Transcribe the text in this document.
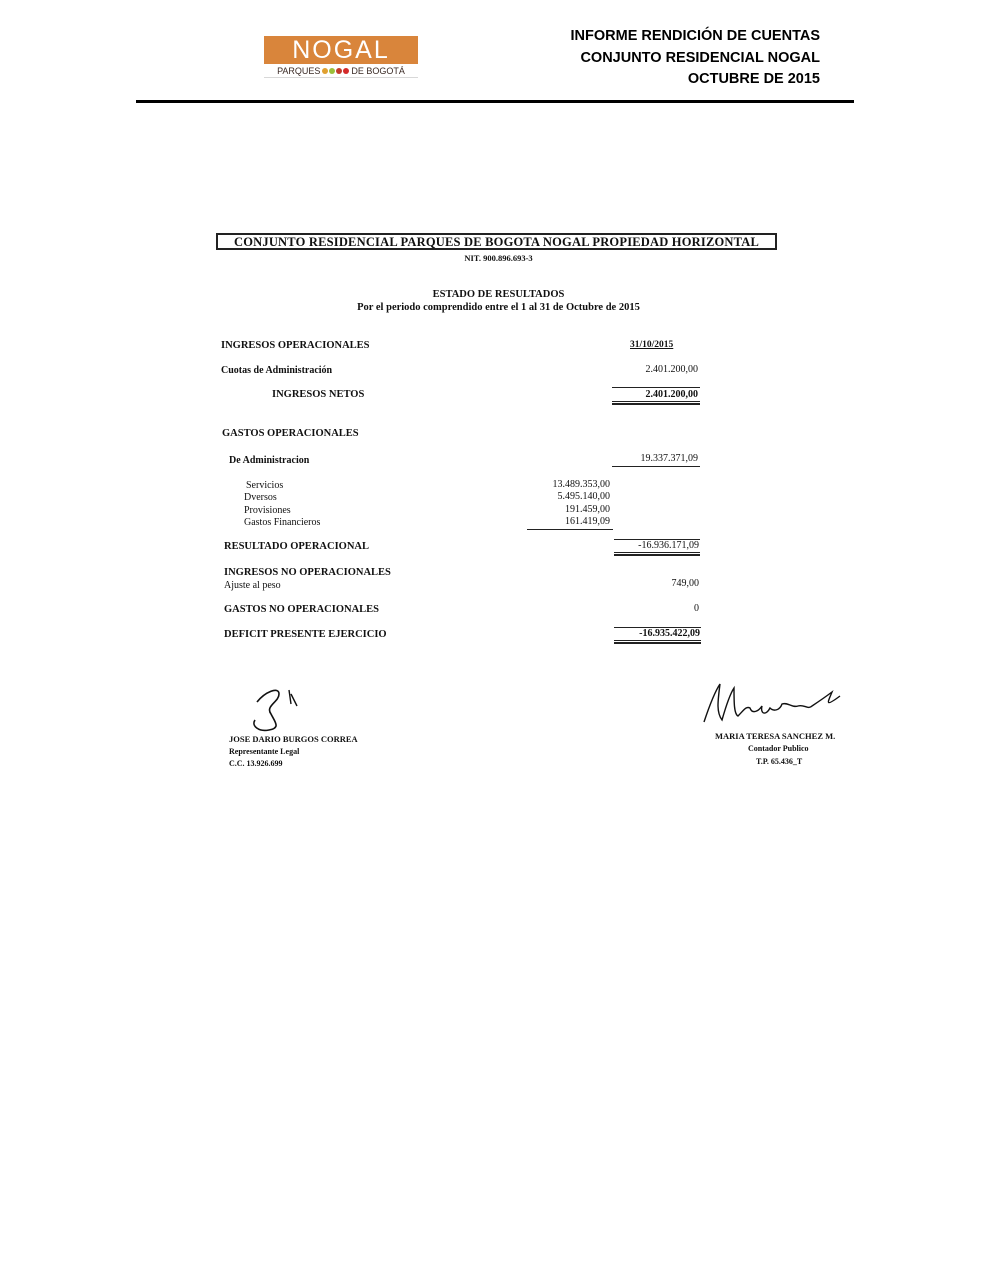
NOGAL
PARQUES	DE BOGOTÁ
INFORME RENDICIÓN DE CUENTAS
CONJUNTO RESIDENCIAL NOGAL
OCTUBRE DE 2015
CONJUNTO RESIDENCIAL PARQUES DE BOGOTA NOGAL PROPIEDAD HORIZONTAL
NIT. 900.896.693-3
ESTADO DE RESULTADOS
Por el periodo comprendido entre el 1 al 31 de Octubre de 2015
INGRESOS OPERACIONALES	31/10/2015
Cuotas de Administración	2.401.200,00
INGRESOS NETOS	2.401.200,00
GASTOS OPERACIONALES
De Administracion	19.337.371,09
Servicios	13.489.353,00
Dversos	5.495.140,00
Provisiones	191.459,00
Gastos Financieros	161.419,09
RESULTADO OPERACIONAL	-16.936.171,09
INGRESOS NO OPERACIONALES
Ajuste al peso	749,00
GASTOS NO OPERACIONALES	0
DEFICIT PRESENTE EJERCICIO	-16.935.422,09
JOSE DARIO BURGOS CORREA
Representante Legal
C.C. 13.926.699
MARIA TERESA SANCHEZ M.
Contador Publico
T.P. 65.436_T
